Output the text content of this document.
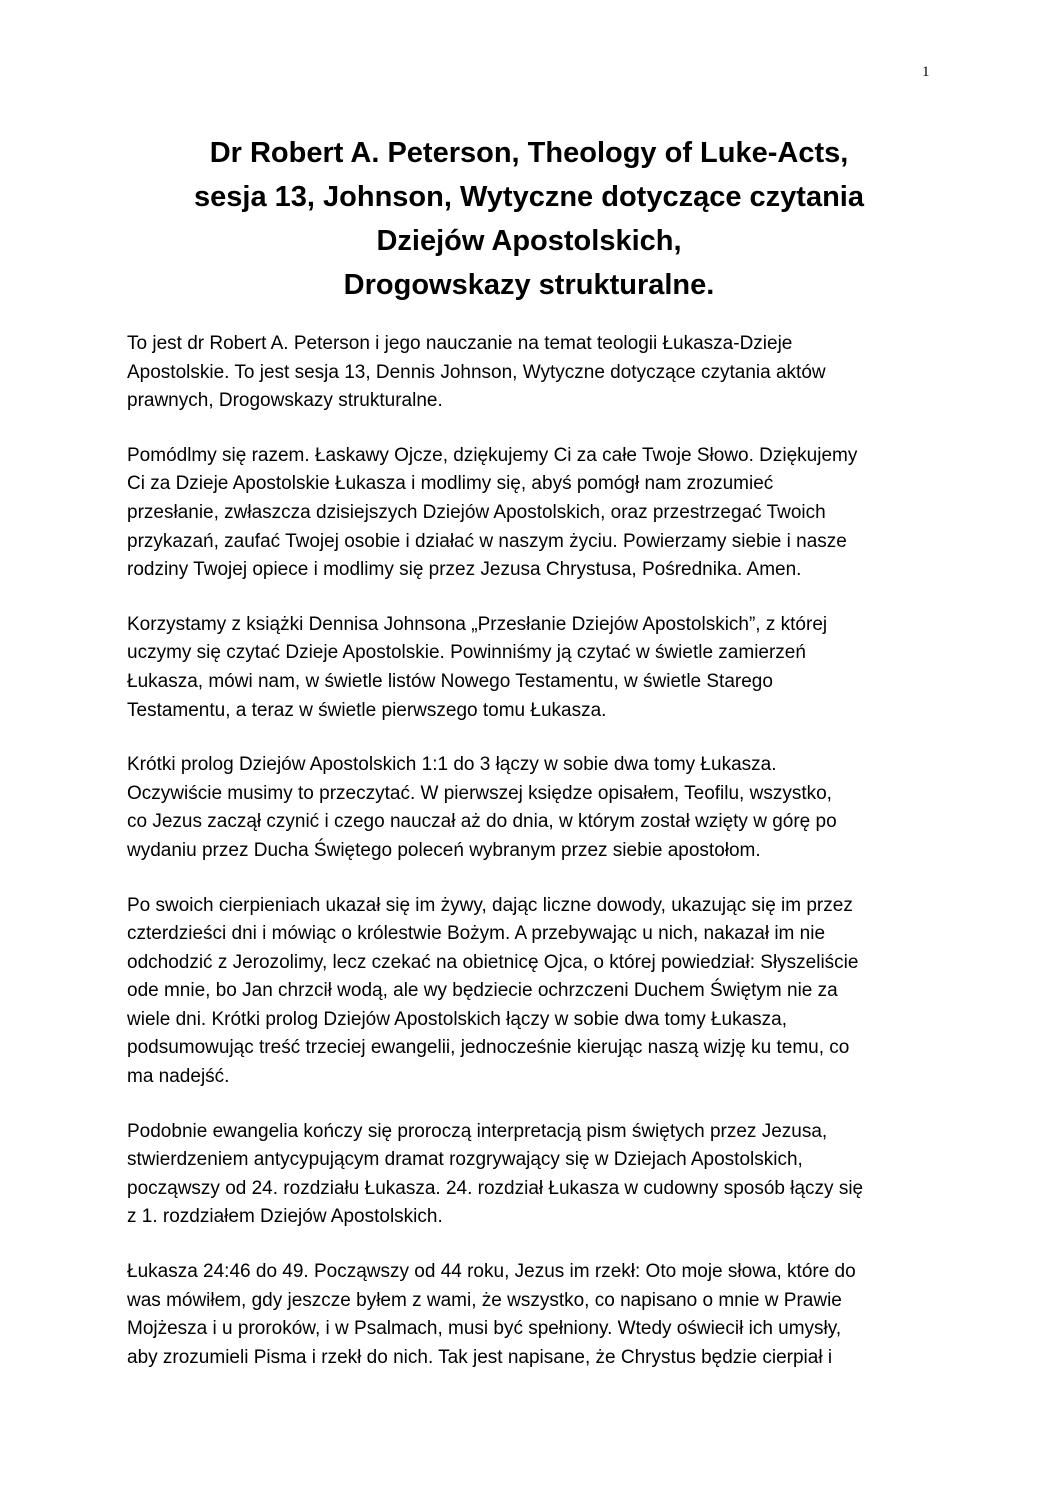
1
Dr Robert A. Peterson, Theology of Luke-Acts,
sesja 13, Johnson, Wytyczne dotyczące czytania
Dziejów Apostolskich,
Drogowskazy strukturalne.

To jest dr Robert A. Peterson i jego nauczanie na temat teologii Łukasza-Dzieje
Apostolskie. To jest sesja 13, Dennis Johnson, Wytyczne dotyczące czytania aktów
prawnych, Drogowskazy strukturalne.

Pomódlmy się razem. Łaskawy Ojcze, dziękujemy Ci za całe Twoje Słowo. Dziękujemy
Ci za Dzieje Apostolskie Łukasza i modlimy się, abyś pomógł nam zrozumieć
przesłanie, zwłaszcza dzisiejszych Dziejów Apostolskich, oraz przestrzegać Twoich
przykazań, zaufać Twojej osobie i działać w naszym życiu. Powierzamy siebie i nasze
rodziny Twojej opiece i modlimy się przez Jezusa Chrystusa, Pośrednika. Amen.

Korzystamy z książki Dennisa Johnsona „Przesłanie Dziejów Apostolskich”, z której
uczymy się czytać Dzieje Apostolskie. Powinniśmy ją czytać w świetle zamierzeń
Łukasza, mówi nam, w świetle listów Nowego Testamentu, w świetle Starego
Testamentu, a teraz w świetle pierwszego tomu Łukasza.

Krótki prolog Dziejów Apostolskich 1:1 do 3 łączy w sobie dwa tomy Łukasza.
Oczywiście musimy to przeczytać. W pierwszej księdze opisałem, Teofilu, wszystko,
co Jezus zaczął czynić i czego nauczał aż do dnia, w którym został wzięty w górę po
wydaniu przez Ducha Świętego poleceń wybranym przez siebie apostołom.

Po swoich cierpieniach ukazał się im żywy, dając liczne dowody, ukazując się im przez
czterdzieści dni i mówiąc o królestwie Bożym. A przebywając u nich, nakazał im nie
odchodzić z Jerozolimy, lecz czekać na obietnicę Ojca, o której powiedział: Słyszeliście
ode mnie, bo Jan chrzcił wodą, ale wy będziecie ochrzczeni Duchem Świętym nie za
wiele dni. Krótki prolog Dziejów Apostolskich łączy w sobie dwa tomy Łukasza,
podsumowując treść trzeciej ewangelii, jednocześnie kierując naszą wizję ku temu, co
ma nadejść.

Podobnie ewangelia kończy się proroczą interpretacją pism świętych przez Jezusa,
stwierdzeniem antycypującym dramat rozgrywający się w Dziejach Apostolskich,
począwszy od 24. rozdziału Łukasza. 24. rozdział Łukasza w cudowny sposób łączy się
z 1. rozdziałem Dziejów Apostolskich.

Łukasza 24:46 do 49. Począwszy od 44 roku, Jezus im rzekł: Oto moje słowa, które do
was mówiłem, gdy jeszcze byłem z wami, że wszystko, co napisano o mnie w Prawie
Mojżesza i u proroków, i w Psalmach, musi być spełniony. Wtedy oświecił ich umysły,
aby zrozumieli Pisma i rzekł do nich. Tak jest napisane, że Chrystus będzie cierpiał i
